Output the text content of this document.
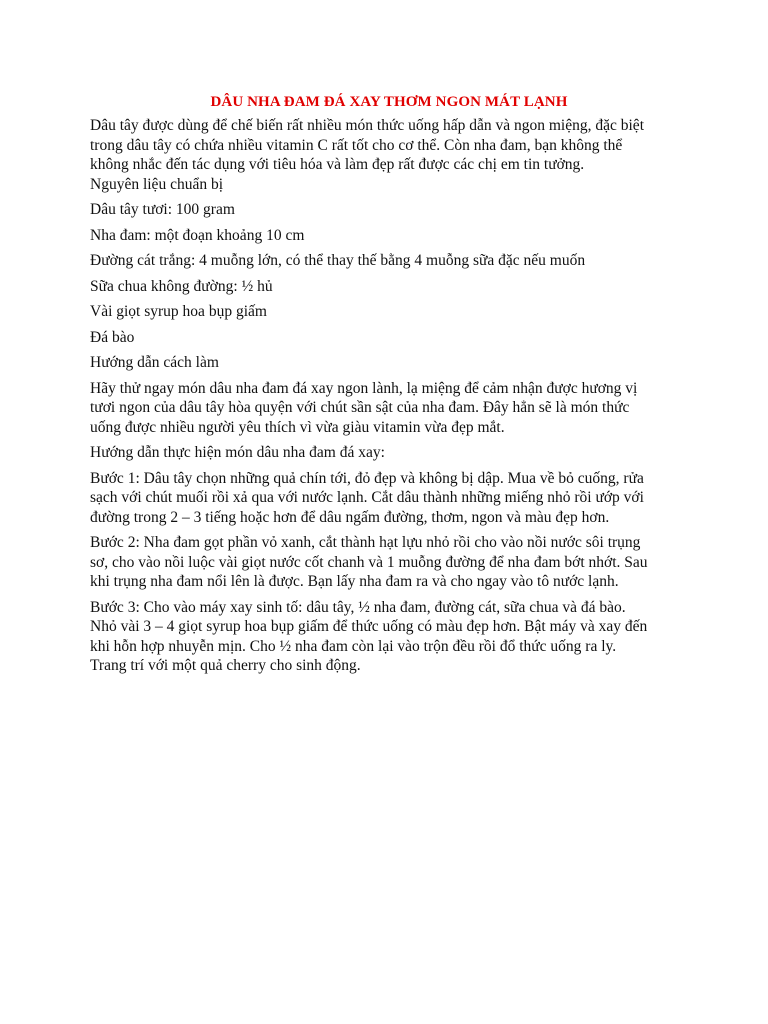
DÂU NHA ĐAM ĐÁ XAY THƠM NGON MÁT LẠNH
Dâu tây được dùng để chế biến rất nhiều món thức uống hấp dẫn và ngon miệng, đặc biệt
trong dâu tây có chứa nhiều vitamin C rất tốt cho cơ thể. Còn nha đam, bạn không thể
không nhắc đến tác dụng với tiêu hóa và làm đẹp rất được các chị em tin tưởng.
Nguyên liệu chuẩn bị
Dâu tây tươi: 100 gram
Nha đam: một đoạn khoảng 10 cm
Đường cát trắng: 4 muỗng lớn, có thể thay thế bằng 4 muỗng sữa đặc nếu muốn
Sữa chua không đường: ½ hủ
Vài giọt syrup hoa bụp giấm
Đá bào
Hướng dẫn cách làm
Hãy thử ngay món dâu nha đam đá xay ngon lành, lạ miệng để cảm nhận được hương vị
tươi ngon của dâu tây hòa quyện với chút sần sật của nha đam. Đây hẳn sẽ là món thức
uống được nhiều người yêu thích vì vừa giàu vitamin vừa đẹp mắt.
Hướng dẫn thực hiện món dâu nha đam đá xay:
Bước 1: Dâu tây chọn những quả chín tới, đỏ đẹp và không bị dập. Mua về bỏ cuống, rửa
sạch với chút muối rồi xả qua với nước lạnh. Cắt dâu thành những miếng nhỏ rồi ướp với
đường trong 2 – 3 tiếng hoặc hơn để dâu ngấm đường, thơm, ngon và màu đẹp hơn.
Bước 2: Nha đam gọt phần vỏ xanh, cắt thành hạt lựu nhỏ rồi cho vào nồi nước sôi trụng
sơ, cho vào nồi luộc vài giọt nước cốt chanh và 1 muỗng đường để nha đam bớt nhớt. Sau
khi trụng nha đam nổi lên là được. Bạn lấy nha đam ra và cho ngay vào tô nước lạnh.
Bước 3: Cho vào máy xay sinh tố: dâu tây, ½ nha đam, đường cát, sữa chua và đá bào.
Nhỏ vài 3 – 4 giọt syrup hoa bụp giấm để thức uống có màu đẹp hơn. Bật máy và xay đến
khi hỗn hợp nhuyễn mịn. Cho ½ nha đam còn lại vào trộn đều rồi đổ thức uống ra ly.
Trang trí với một quả cherry cho sinh động.
